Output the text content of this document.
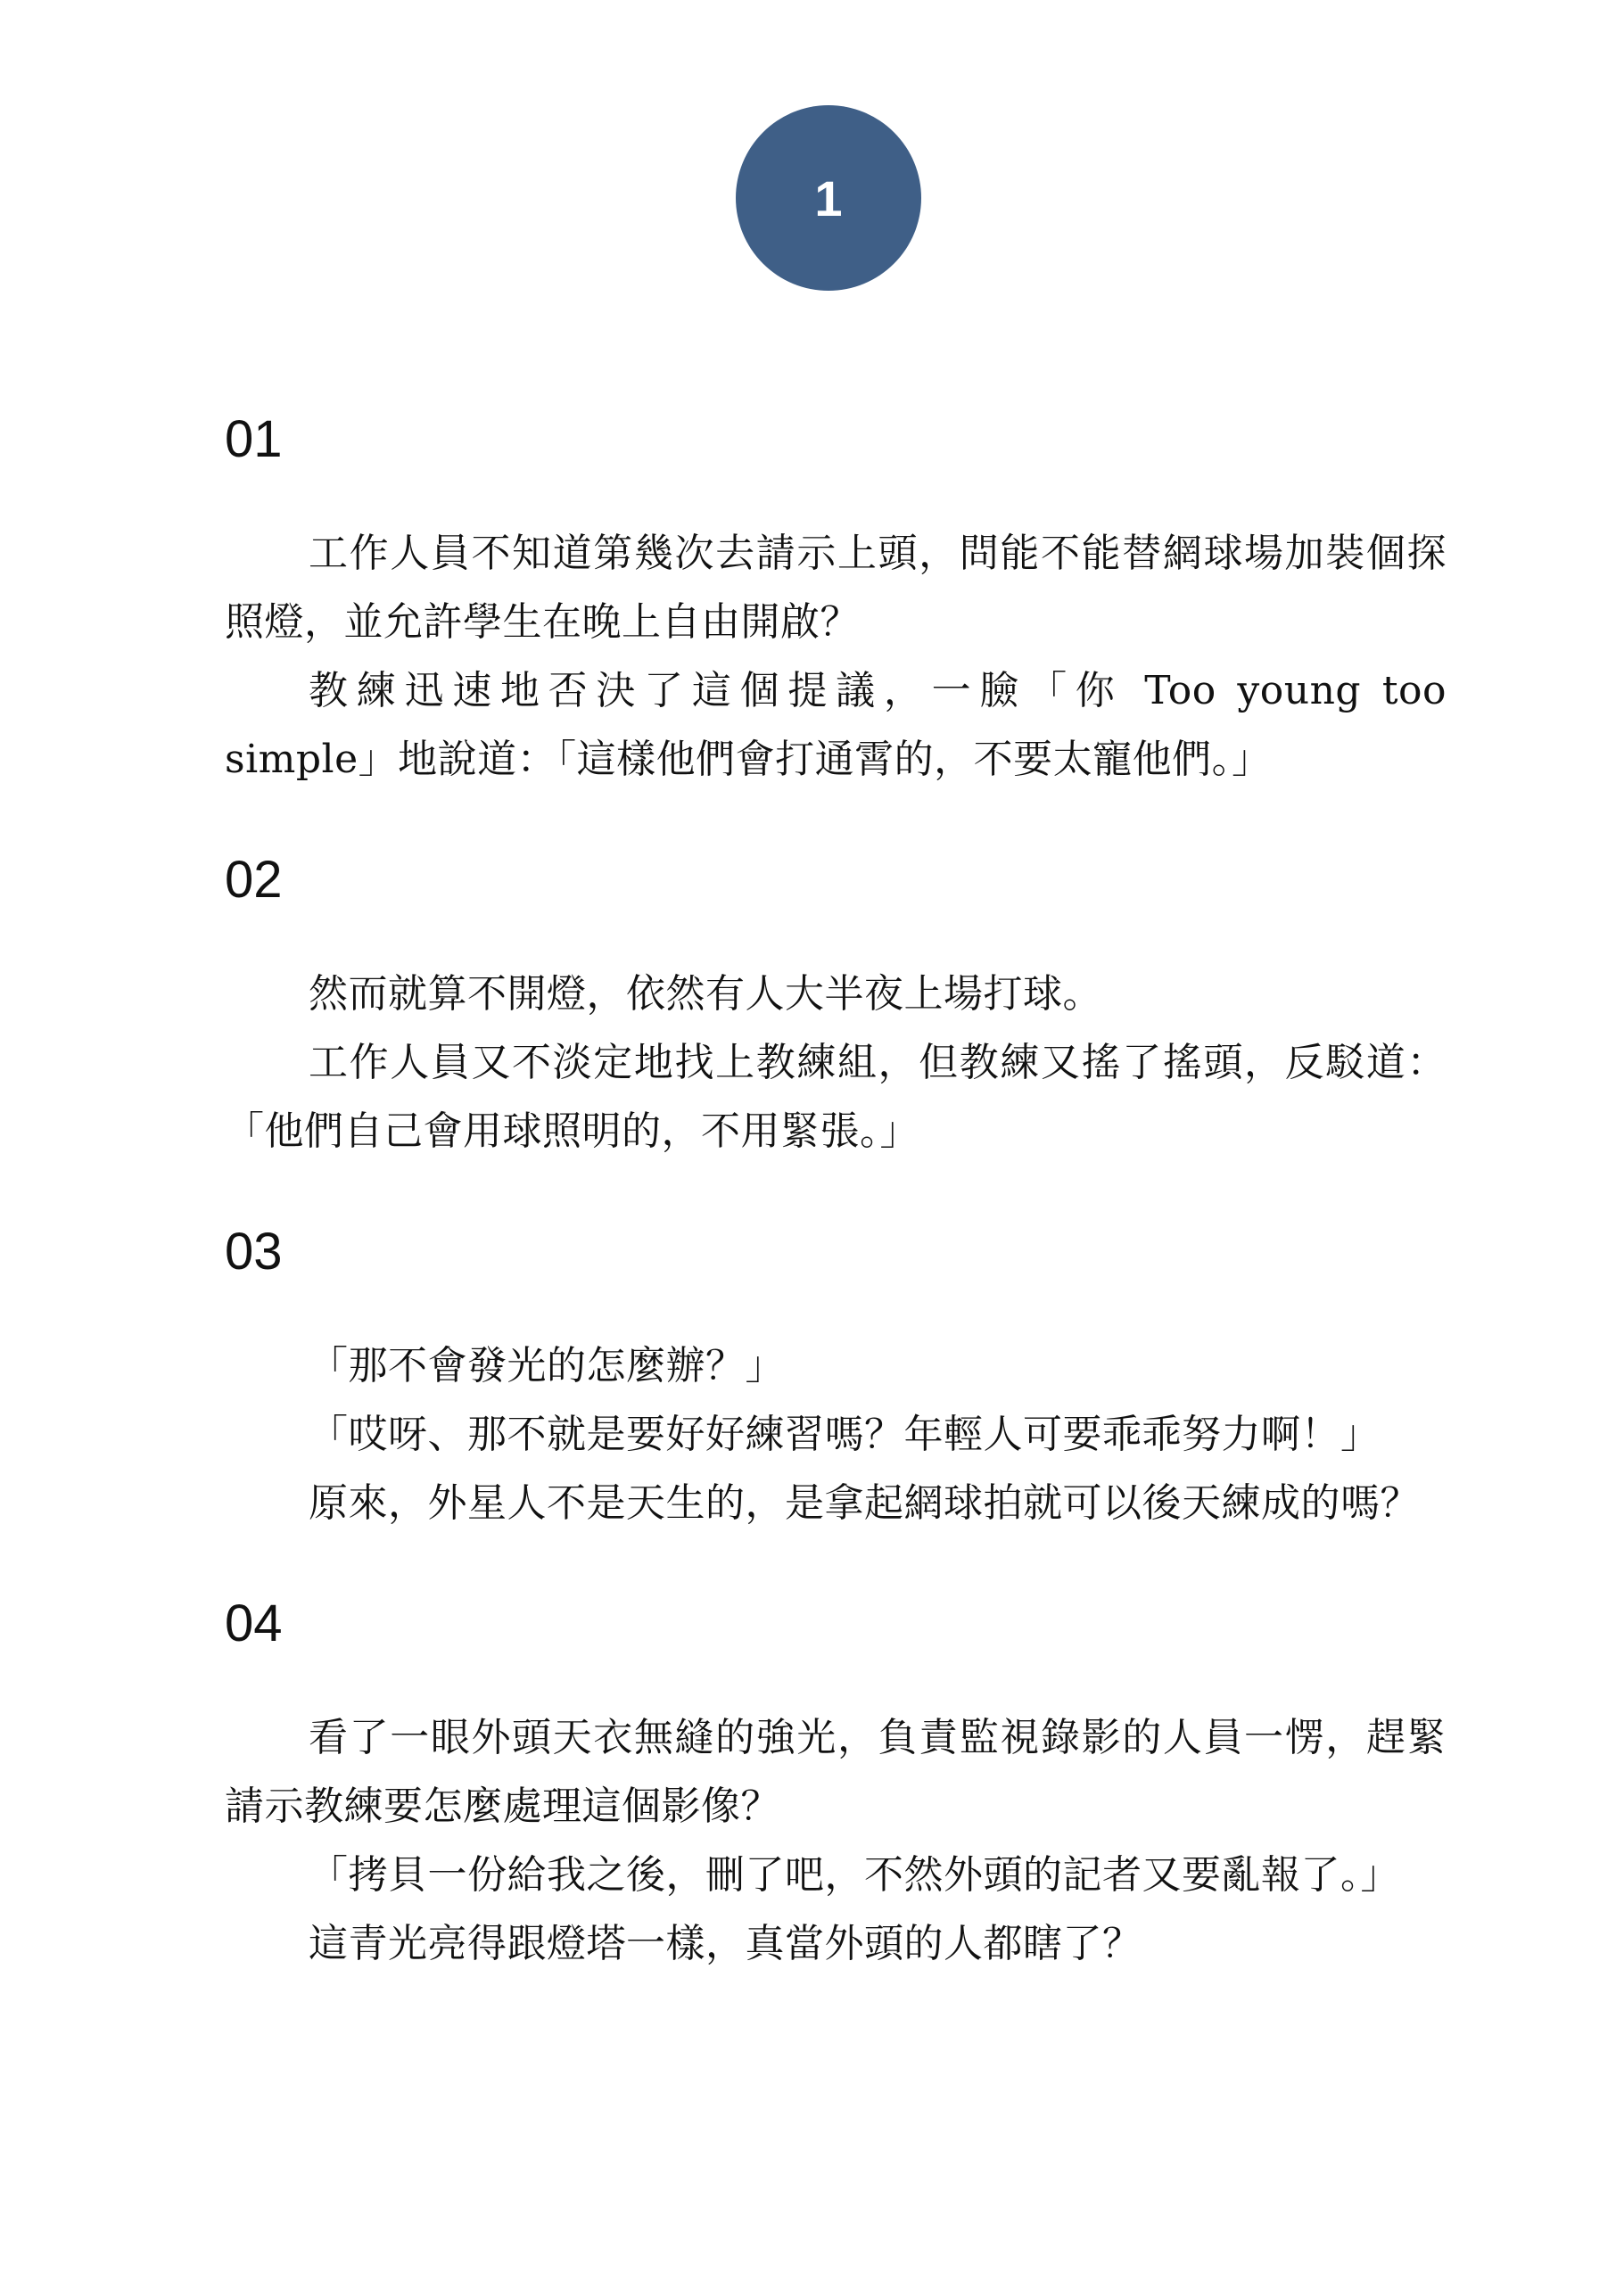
1
01

工作人員不知道第幾次去請示上頭，問能不能替網球場加裝個探照燈，並允許學生在晚上自由開啟？

教練迅速地否決了這個提議，一臉「你 Too young too simple」地說道：「這樣他們會打通霄的，不要太寵他們。」

02

然而就算不開燈，依然有人大半夜上場打球。

工作人員又不淡定地找上教練組，但教練又搖了搖頭，反駁道：「他們自己會用球照明的，不用緊張。」

03

「那不會發光的怎麼辦？」

「哎呀、那不就是要好好練習嗎？年輕人可要乖乖努力啊！」

原來，外星人不是天生的，是拿起網球拍就可以後天練成的嗎？

04

看了一眼外頭天衣無縫的強光，負責監視錄影的人員一愣，趕緊請示教練要怎麼處理這個影像？

「拷貝一份給我之後，刪了吧，不然外頭的記者又要亂報了。」

這青光亮得跟燈塔一樣，真當外頭的人都瞎了？
